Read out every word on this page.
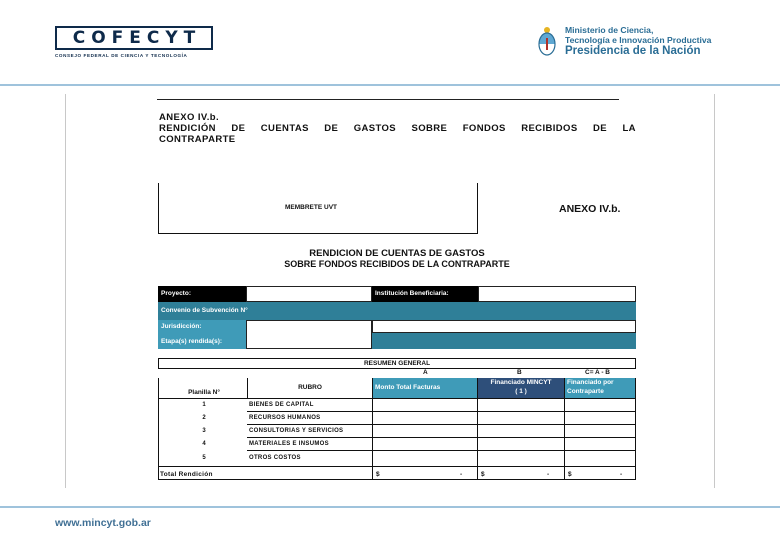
COFECYT
CONSEJO FEDERAL DE CIENCIA Y TECNOLOGÍA
Ministerio de Ciencia,
Tecnología e Innovación Productiva
Presidencia de la Nación
ANEXO IV.b.
RENDICIÓN DE CUENTAS DE GASTOS SOBRE FONDOS RECIBIDOS DE LA
CONTRAPARTE
MEMBRETE UVT	ANEXO IV.b.
RENDICION DE CUENTAS DE GASTOS
SOBRE FONDOS RECIBIDOS DE LA CONTRAPARTE
Proyecto:	Institución Beneficiaria:
Convenio de Subvención N°
Jurisdicción:
Etapa(s) rendida(s):
RESUMEN GENERAL
A	B	C= A - B
Planilla N°
RUBRO	Monto Total Facturas
Financiado MINCYT
( 1 )
Financiado por
Contraparte
1	BIENES DE CAPITAL
2	RECURSOS HUMANOS
3	CONSULTORIAS Y SERVICIOS
4	MATERIALES E INSUMOS
5	OTROS COSTOS
Total Rendición	$	-	$	-	$	-
www.mincyt.gob.ar
